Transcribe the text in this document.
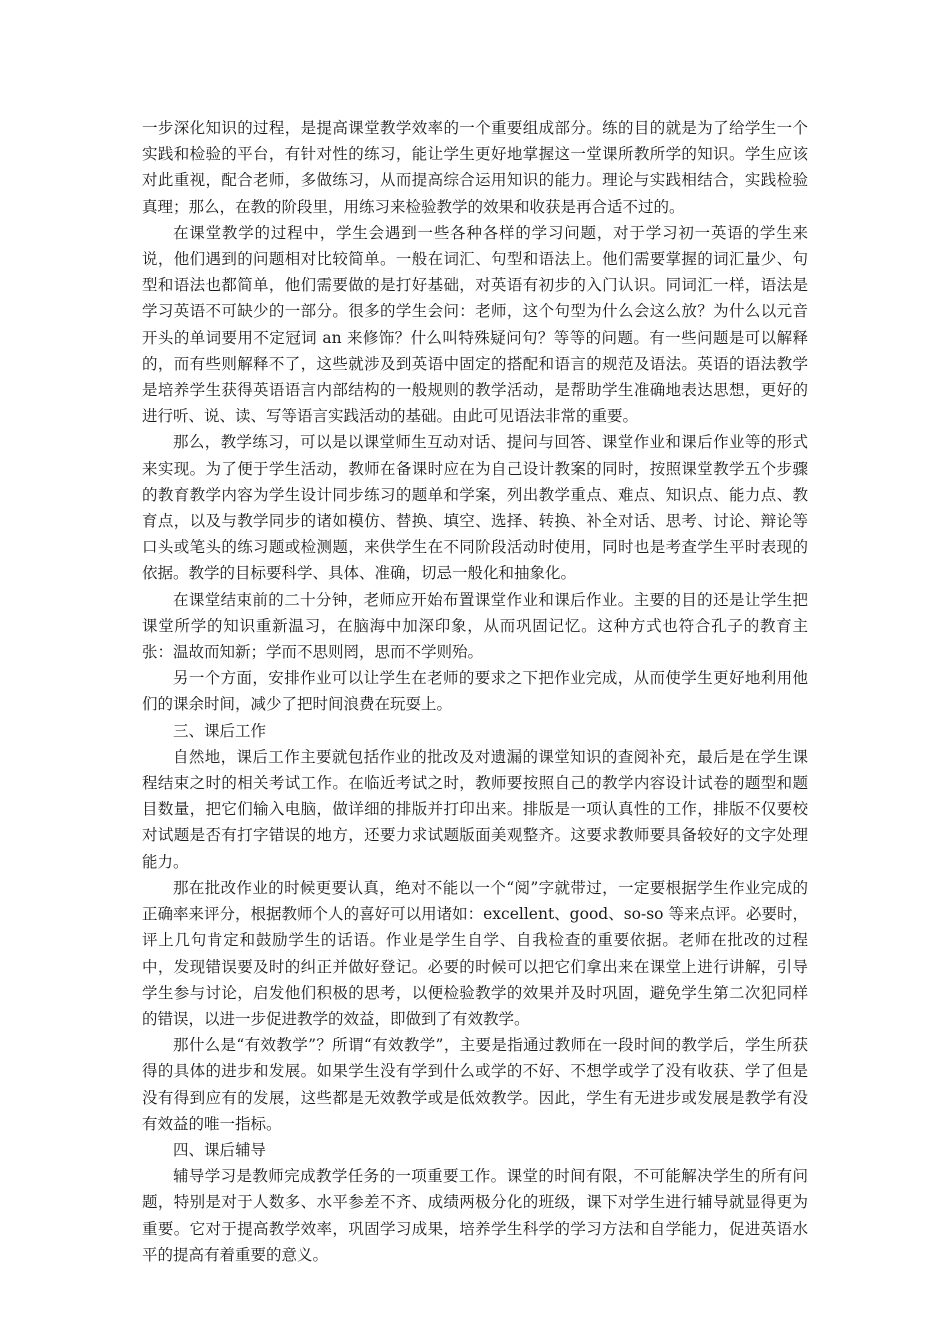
一步深化知识的过程，是提高课堂教学效率的一个重要组成部分。练的目的就是为了给学生一个实践和检验的平台，有针对性的练习，能让学生更好地掌握这一堂课所教所学的知识。学生应该对此重视，配合老师，多做练习，从而提高综合运用知识的能力。理论与实践相结合，实践检验真理；那么，在教的阶段里，用练习来检验教学的效果和收获是再合适不过的。

在课堂教学的过程中，学生会遇到一些各种各样的学习问题，对于学习初一英语的学生来说，他们遇到的问题相对比较简单。一般在词汇、句型和语法上。他们需要掌握的词汇量少、句型和语法也都简单，他们需要做的是打好基础，对英语有初步的入门认识。同词汇一样，语法是学习英语不可缺少的一部分。很多的学生会问：老师，这个句型为什么会这么放？为什么以元音开头的单词要用不定冠词 an 来修饰？什么叫特殊疑问句？等等的问题。有一些问题是可以解释的，而有些则解释不了，这些就涉及到英语中固定的搭配和语言的规范及语法。英语的语法教学是培养学生获得英语语言内部结构的一般规则的教学活动，是帮助学生准确地表达思想，更好的进行听、说、读、写等语言实践活动的基础。由此可见语法非常的重要。

那么，教学练习，可以是以课堂师生互动对话、提问与回答、课堂作业和课后作业等的形式来实现。为了便于学生活动，教师在备课时应在为自己设计教案的同时，按照课堂教学五个步骤的教育教学内容为学生设计同步练习的题单和学案，列出教学重点、难点、知识点、能力点、教育点，以及与教学同步的诸如模仿、替换、填空、选择、转换、补全对话、思考、讨论、辩论等口头或笔头的练习题或检测题，来供学生在不同阶段活动时使用，同时也是考查学生平时表现的依据。教学的目标要科学、具体、准确，切忌一般化和抽象化。

在课堂结束前的二十分钟，老师应开始布置课堂作业和课后作业。主要的目的还是让学生把课堂所学的知识重新温习，在脑海中加深印象，从而巩固记忆。这种方式也符合孔子的教育主张：温故而知新；学而不思则罔，思而不学则殆。

另一个方面，安排作业可以让学生在老师的要求之下把作业完成，从而使学生更好地利用他们的课余时间，减少了把时间浪费在玩耍上。

三、课后工作

自然地，课后工作主要就包括作业的批改及对遗漏的课堂知识的查阅补充，最后是在学生课程结束之时的相关考试工作。在临近考试之时，教师要按照自己的教学内容设计试卷的题型和题目数量，把它们输入电脑，做详细的排版并打印出来。排版是一项认真性的工作，排版不仅要校对试题是否有打字错误的地方，还要力求试题版面美观整齐。这要求教师要具备较好的文字处理能力。

那在批改作业的时候更要认真，绝对不能以一个“阅”字就带过，一定要根据学生作业完成的正确率来评分，根据教师个人的喜好可以用诸如：excellent、good、so-so 等来点评。必要时，评上几句肯定和鼓励学生的话语。作业是学生自学、自我检查的重要依据。老师在批改的过程中，发现错误要及时的纠正并做好登记。必要的时候可以把它们拿出来在课堂上进行讲解，引导学生参与讨论，启发他们积极的思考，以便检验教学的效果并及时巩固，避免学生第二次犯同样的错误，以进一步促进教学的效益，即做到了有效教学。

那什么是“有效教学”？所谓“有效教学”，主要是指通过教师在一段时间的教学后，学生所获得的具体的进步和发展。如果学生没有学到什么或学的不好、不想学或学了没有收获、学了但是没有得到应有的发展，这些都是无效教学或是低效教学。因此，学生有无进步或发展是教学有没有效益的唯一指标。

四、课后辅导

辅导学习是教师完成教学任务的一项重要工作。课堂的时间有限，不可能解决学生的所有问题，特别是对于人数多、水平参差不齐、成绩两极分化的班级，课下对学生进行辅导就显得更为重要。它对于提高教学效率，巩固学习成果，培养学生科学的学习方法和自学能力，促进英语水平的提高有着重要的意义。
